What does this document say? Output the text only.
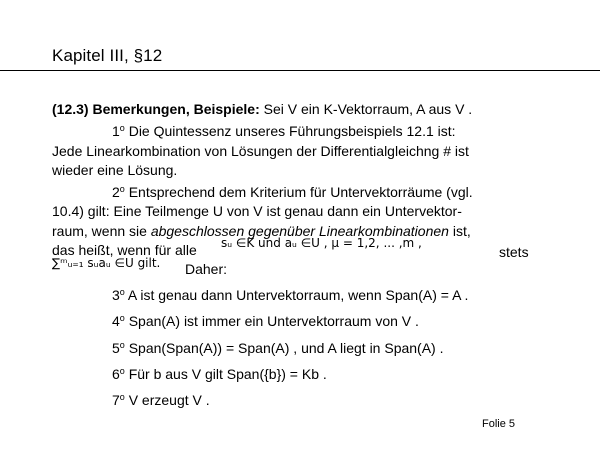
Kapitel III, §12
(12.3) Bemerkungen, Beispiele: Sei V ein K-Vektorraum, A aus V .
1$^o$ Die Quintessenz unseres Führungsbeispiels 12.1 ist:
Jede Linearkombination von Lösungen der Differentialgleichng # ist
wieder eine Lösung.
2$^o$ Entsprechend dem Kriterium für Untervektorräume (vgl.
10.4) gilt: Eine Teilmenge U von V ist genau dann ein Untervektor-
raum, wenn sie abgeschlossen gegenüber Linearkombinationen ist,
das heißt, wenn für alle sᵤ ∈K und aᵤ ∈U , μ = 1,2, ... ,m ,
stets
∑ᵐᵤ₌₁ sᵤaᵤ ∈U gilt. Daher:
3$^o$ A ist genau dann Untervektorraum, wenn Span(A) = A .
4$^o$ Span(A) ist immer ein Untervektorraum von V .
5$^o$ Span(Span(A)) = Span(A) , und A liegt in Span(A) .
6$^o$ Für b aus V gilt Span({b}) = Kb .
7$^o$ V erzeugt V .
Folie 5
